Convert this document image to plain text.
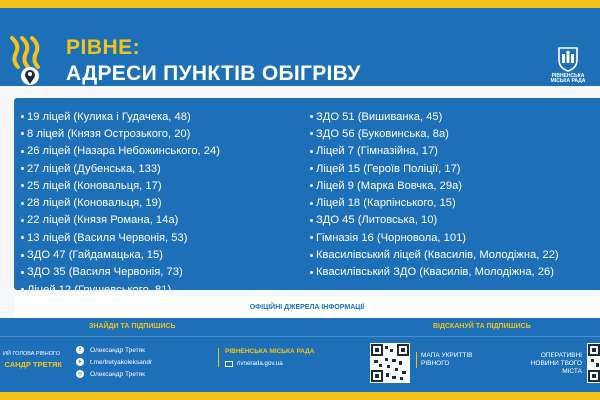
РІВНЕ:
АДРЕСИ ПУНКТІВ ОБІГРІВУ	РІВНЕНСЬКА
МІСЬКА РАДА
19 ліцей (Кулика і Гудачека, 48)
8 ліцей (Князя Острозького, 20)
26 ліцей (Назара Небожинського, 24)
27 ліцей (Дубенська, 133)
25 ліцей (Коновальця, 17)
28 ліцей (Коновальця, 19)
22 ліцей (Князя Романа, 14а)
13 ліцей (Василя Червонія, 53)
ЗДО 47 (Гайдамацька, 15)
ЗДО 35 (Василя Червонія, 73)
Ліцей 12 (Грушевського, 81)
ЗДО 51 (Вишиванка, 45)
ЗДО 56 (Буковинська, 8а)
Ліцей 7 (Гімназійна, 17)
Ліцей 15 (Героїв Поліції, 17)
Ліцей 9 (Марка Вовчка, 29а)
Ліцей 18 (Карпінського, 15)
ЗДО 45 (Литовська, 10)
Гімназія 16 (Чорновола, 101)
Квасилівський ліцей (Квасилів, Молодіжна, 22)
Квасилівський ЗДО (Квасилів, Молодіжна, 26)
ОФІЦІЙНІ ДЖЕРЕЛА ІНФОРМАЦІЇ
ЗНАЙДИ ТА ПІДПИШИСЬ	ВІДСКАНУЙ ТА ПІДПИШИСЬ
ИЙ ГОЛОВА РІВНОГО
САНДР ТРЕТЯК
f	Олександр Третяк
➤ t.me/tretyakoleksandr
◎ Олександр Третяк
РІВНЕНСЬКА МІСЬКА РАДА
rivnerada.gov.ua
МАПА УКРИТТІВ РІВНОГО
ОПЕРАТИВНІ НОВИНИ ТВОГО МІСТА
